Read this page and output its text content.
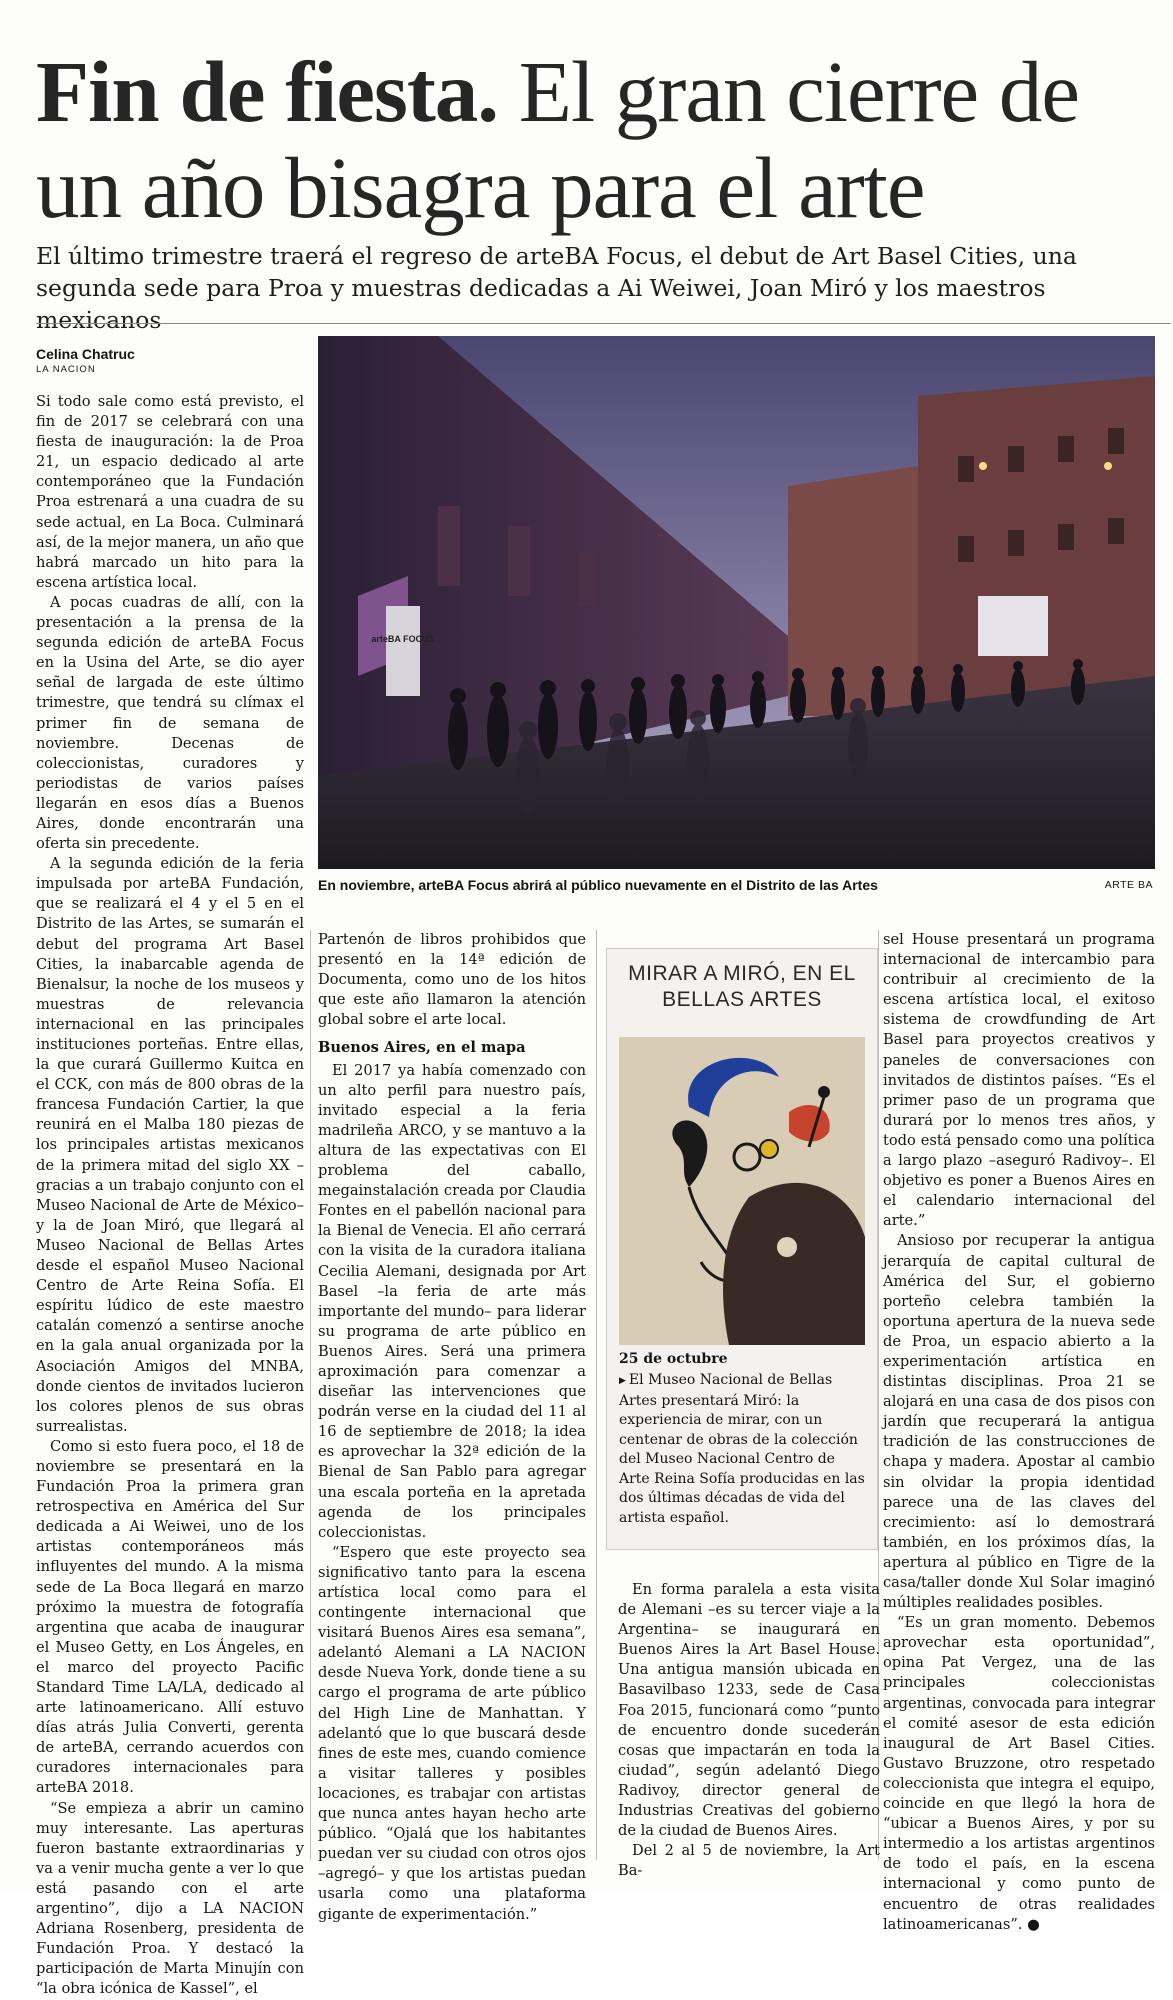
Fin de fiesta. El gran cierre de un año bisagra para el arte

El último trimestre traerá el regreso de arteBA Focus, el debut de Art Basel Cities, una segunda sede para Proa y muestras dedicadas a Ai Weiwei, Joan Miró y los maestros mexicanos

Celina Chatruc
LA NACION

Si todo sale como está previsto, el fin de 2017 se celebrará con una fiesta de inauguración: la de Proa 21, un espacio dedicado al arte contemporáneo que la Fundación Proa estrenará a una cuadra de su sede actual, en La Boca. Culminará así, de la mejor manera, un año que habrá marcado un hito para la escena artística local.

A pocas cuadras de allí, con la presentación a la prensa de la segunda edición de arteBA Focus en la Usina del Arte, se dio ayer señal de largada de este último trimestre, que tendrá su clímax el primer fin de semana de noviembre. Decenas de coleccionistas, curadores y periodistas de varios países llegarán en esos días a Buenos Aires, donde encontrarán una oferta sin precedente.

A la segunda edición de la feria impulsada por arteBA Fundación, que se realizará el 4 y el 5 en el Distrito de las Artes, se sumarán el debut del programa Art Basel Cities, la inabarcable agenda de Bienalsur, la noche de los museos y muestras de relevancia internacional en las principales instituciones porteñas. Entre ellas, la que curará Guillermo Kuitca en el CCK, con más de 800 obras de la francesa Fundación Cartier, la que reunirá en el Malba 180 piezas de los principales artistas mexicanos de la primera mitad del siglo XX –gracias a un trabajo conjunto con el Museo Nacional de Arte de México– y la de Joan Miró, que llegará al Museo Nacional de Bellas Artes desde el español Museo Nacional Centro de Arte Reina Sofía. El espíritu lúdico de este maestro catalán comenzó a sentirse anoche en la gala anual organizada por la Asociación Amigos del MNBA, donde cientos de invitados lucieron los colores plenos de sus obras surrealistas.

Como si esto fuera poco, el 18 de noviembre se presentará en la Fundación Proa la primera gran retrospectiva en América del Sur dedicada a Ai Weiwei, uno de los artistas contemporáneos más influyentes del mundo. A la misma sede de La Boca llegará en marzo próximo la muestra de fotografía argentina que acaba de inaugurar el Museo Getty, en Los Ángeles, en el marco del proyecto Pacific Standard Time LA/LA, dedicado al arte latinoamericano. Allí estuvo días atrás Julia Converti, gerenta de arteBA, cerrando acuerdos con curadores internacionales para arteBA 2018.

“Se empieza a abrir un camino muy interesante. Las aperturas fueron bastante extraordinarias y va a venir mucha gente a ver lo que está pasando con el arte argentino”, dijo a LA NACION Adriana Rosenberg, presidenta de Fundación Proa. Y destacó la participación de Marta Minujín con “la obra icónica de Kassel”, el

arteBA FOCUS
En noviembre, arteBA Focus abrirá al público nuevamente en el Distrito de las Artes	ARTE BA

Partenón de libros prohibidos que presentó en la 14ª edición de Documenta, como uno de los hitos que este año llamaron la atención global sobre el arte local.

Buenos Aires, en el mapa

El 2017 ya había comenzado con un alto perfil para nuestro país, invitado especial a la feria madrileña ARCO, y se mantuvo a la altura de las expectativas con El problema del caballo, megainstalación creada por Claudia Fontes en el pabellón nacional para la Bienal de Venecia. El año cerrará con la visita de la curadora italiana Cecilia Alemani, designada por Art Basel –la feria de arte más importante del mundo– para liderar su programa de arte público en Buenos Aires. Será una primera aproximación para comenzar a diseñar las intervenciones que podrán verse en la ciudad del 11 al 16 de septiembre de 2018; la idea es aprovechar la 32ª edición de la Bienal de San Pablo para agregar una escala porteña en la apretada agenda de los principales coleccionistas.

“Espero que este proyecto sea significativo tanto para la escena artística local como para el contingente internacional que visitará Buenos Aires esa semana”, adelantó Alemani a LA NACION desde Nueva York, donde tiene a su cargo el programa de arte público del High Line de Manhattan. Y adelantó que lo que buscará desde fines de este mes, cuando comience a visitar talleres y posibles locaciones, es trabajar con artistas que nunca antes hayan hecho arte público. “Ojalá que los habitantes puedan ver su ciudad con otros ojos –agregó– y que los artistas puedan usarla como una plataforma gigante de experimentación.”

MIRAR A MIRÓ, EN EL BELLAS ARTES
25 de octubre
▶ El Museo Nacional de Bellas Artes presentará Miró: la experiencia de mirar, con un centenar de obras de la colección del Museo Nacional Centro de Arte Reina Sofía producidas en las dos últimas décadas de vida del artista español.

En forma paralela a esta visita de Alemani –es su tercer viaje a la Argentina– se inaugurará en Buenos Aires la Art Basel House. Una antigua mansión ubicada en Basavilbaso 1233, sede de Casa Foa 2015, funcionará como “punto de encuentro donde sucederán cosas que impactarán en toda la ciudad”, según adelantó Diego Radivoy, director general de Industrias Creativas del gobierno de la ciudad de Buenos Aires.

Del 2 al 5 de noviembre, la Art Ba-

sel House presentará un programa internacional de intercambio para contribuir al crecimiento de la escena artística local, el exitoso sistema de crowdfunding de Art Basel para proyectos creativos y paneles de conversaciones con invitados de distintos países. “Es el primer paso de un programa que durará por lo menos tres años, y todo está pensado como una política a largo plazo –aseguró Radivoy–. El objetivo es poner a Buenos Aires en el calendario internacional del arte.”

Ansioso por recuperar la antigua jerarquía de capital cultural de América del Sur, el gobierno porteño celebra también la oportuna apertura de la nueva sede de Proa, un espacio abierto a la experimentación artística en distintas disciplinas. Proa 21 se alojará en una casa de dos pisos con jardín que recuperará la antigua tradición de las construcciones de chapa y madera. Apostar al cambio sin olvidar la propia identidad parece una de las claves del crecimiento: así lo demostrará también, en los próximos días, la apertura al público en Tigre de la casa/taller donde Xul Solar imaginó múltiples realidades posibles.

“Es un gran momento. Debemos aprovechar esta oportunidad”, opina Pat Vergez, una de las principales coleccionistas argentinas, convocada para integrar el comité asesor de esta edición inaugural de Art Basel Cities. Gustavo Bruzzone, otro respetado coleccionista que integra el equipo, coincide en que llegó la hora de “ubicar a Buenos Aires, y por su intermedio a los artistas argentinos de todo el país, en la escena internacional y como punto de encuentro de otras realidades latinoamericanas”. ●
